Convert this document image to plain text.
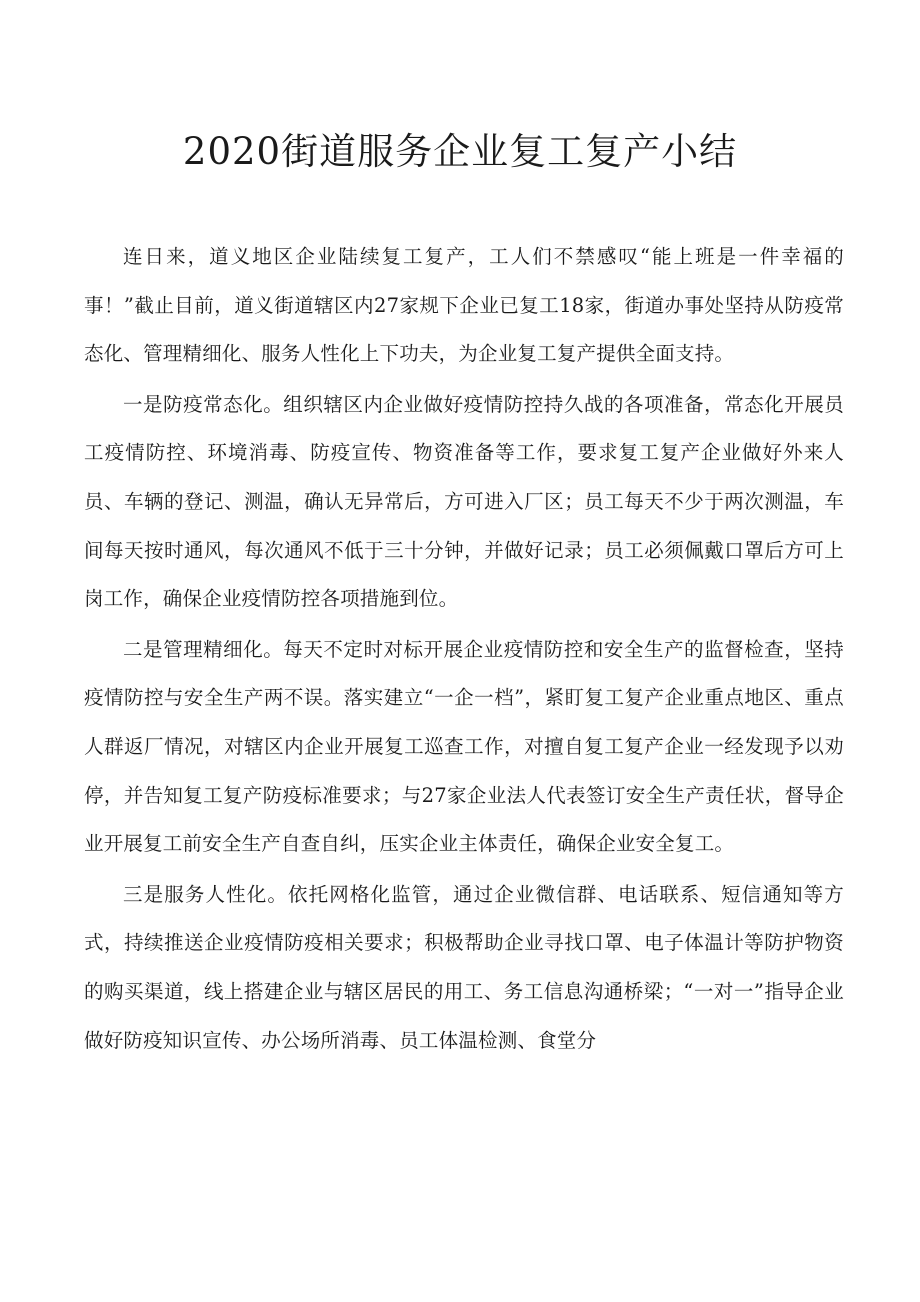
2020街道服务企业复工复产小结

连日来，道义地区企业陆续复工复产，工人们不禁感叹“能上班是一件幸福的事！”截止目前，道义街道辖区内27家规下企业已复工18家，街道办事处坚持从防疫常态化、管理精细化、服务人性化上下功夫，为企业复工复产提供全面支持。

一是防疫常态化。组织辖区内企业做好疫情防控持久战的各项准备，常态化开展员工疫情防控、环境消毒、防疫宣传、物资准备等工作，要求复工复产企业做好外来人员、车辆的登记、测温，确认无异常后，方可进入厂区；员工每天不少于两次测温，车间每天按时通风，每次通风不低于三十分钟，并做好记录；员工必须佩戴口罩后方可上岗工作，确保企业疫情防控各项措施到位。

二是管理精细化。每天不定时对标开展企业疫情防控和安全生产的监督检查，坚持疫情防控与安全生产两不误。落实建立“一企一档”，紧盯复工复产企业重点地区、重点人群返厂情况，对辖区内企业开展复工巡查工作，对擅自复工复产企业一经发现予以劝停，并告知复工复产防疫标准要求；与27家企业法人代表签订安全生产责任状，督导企业开展复工前安全生产自查自纠，压实企业主体责任，确保企业安全复工。

三是服务人性化。依托网格化监管，通过企业微信群、电话联系、短信通知等方式，持续推送企业疫情防疫相关要求；积极帮助企业寻找口罩、电子体温计等防护物资的购买渠道，线上搭建企业与辖区居民的用工、务工信息沟通桥梁；“一对一”指导企业做好防疫知识宣传、办公场所消毒、员工体温检测、食堂分
